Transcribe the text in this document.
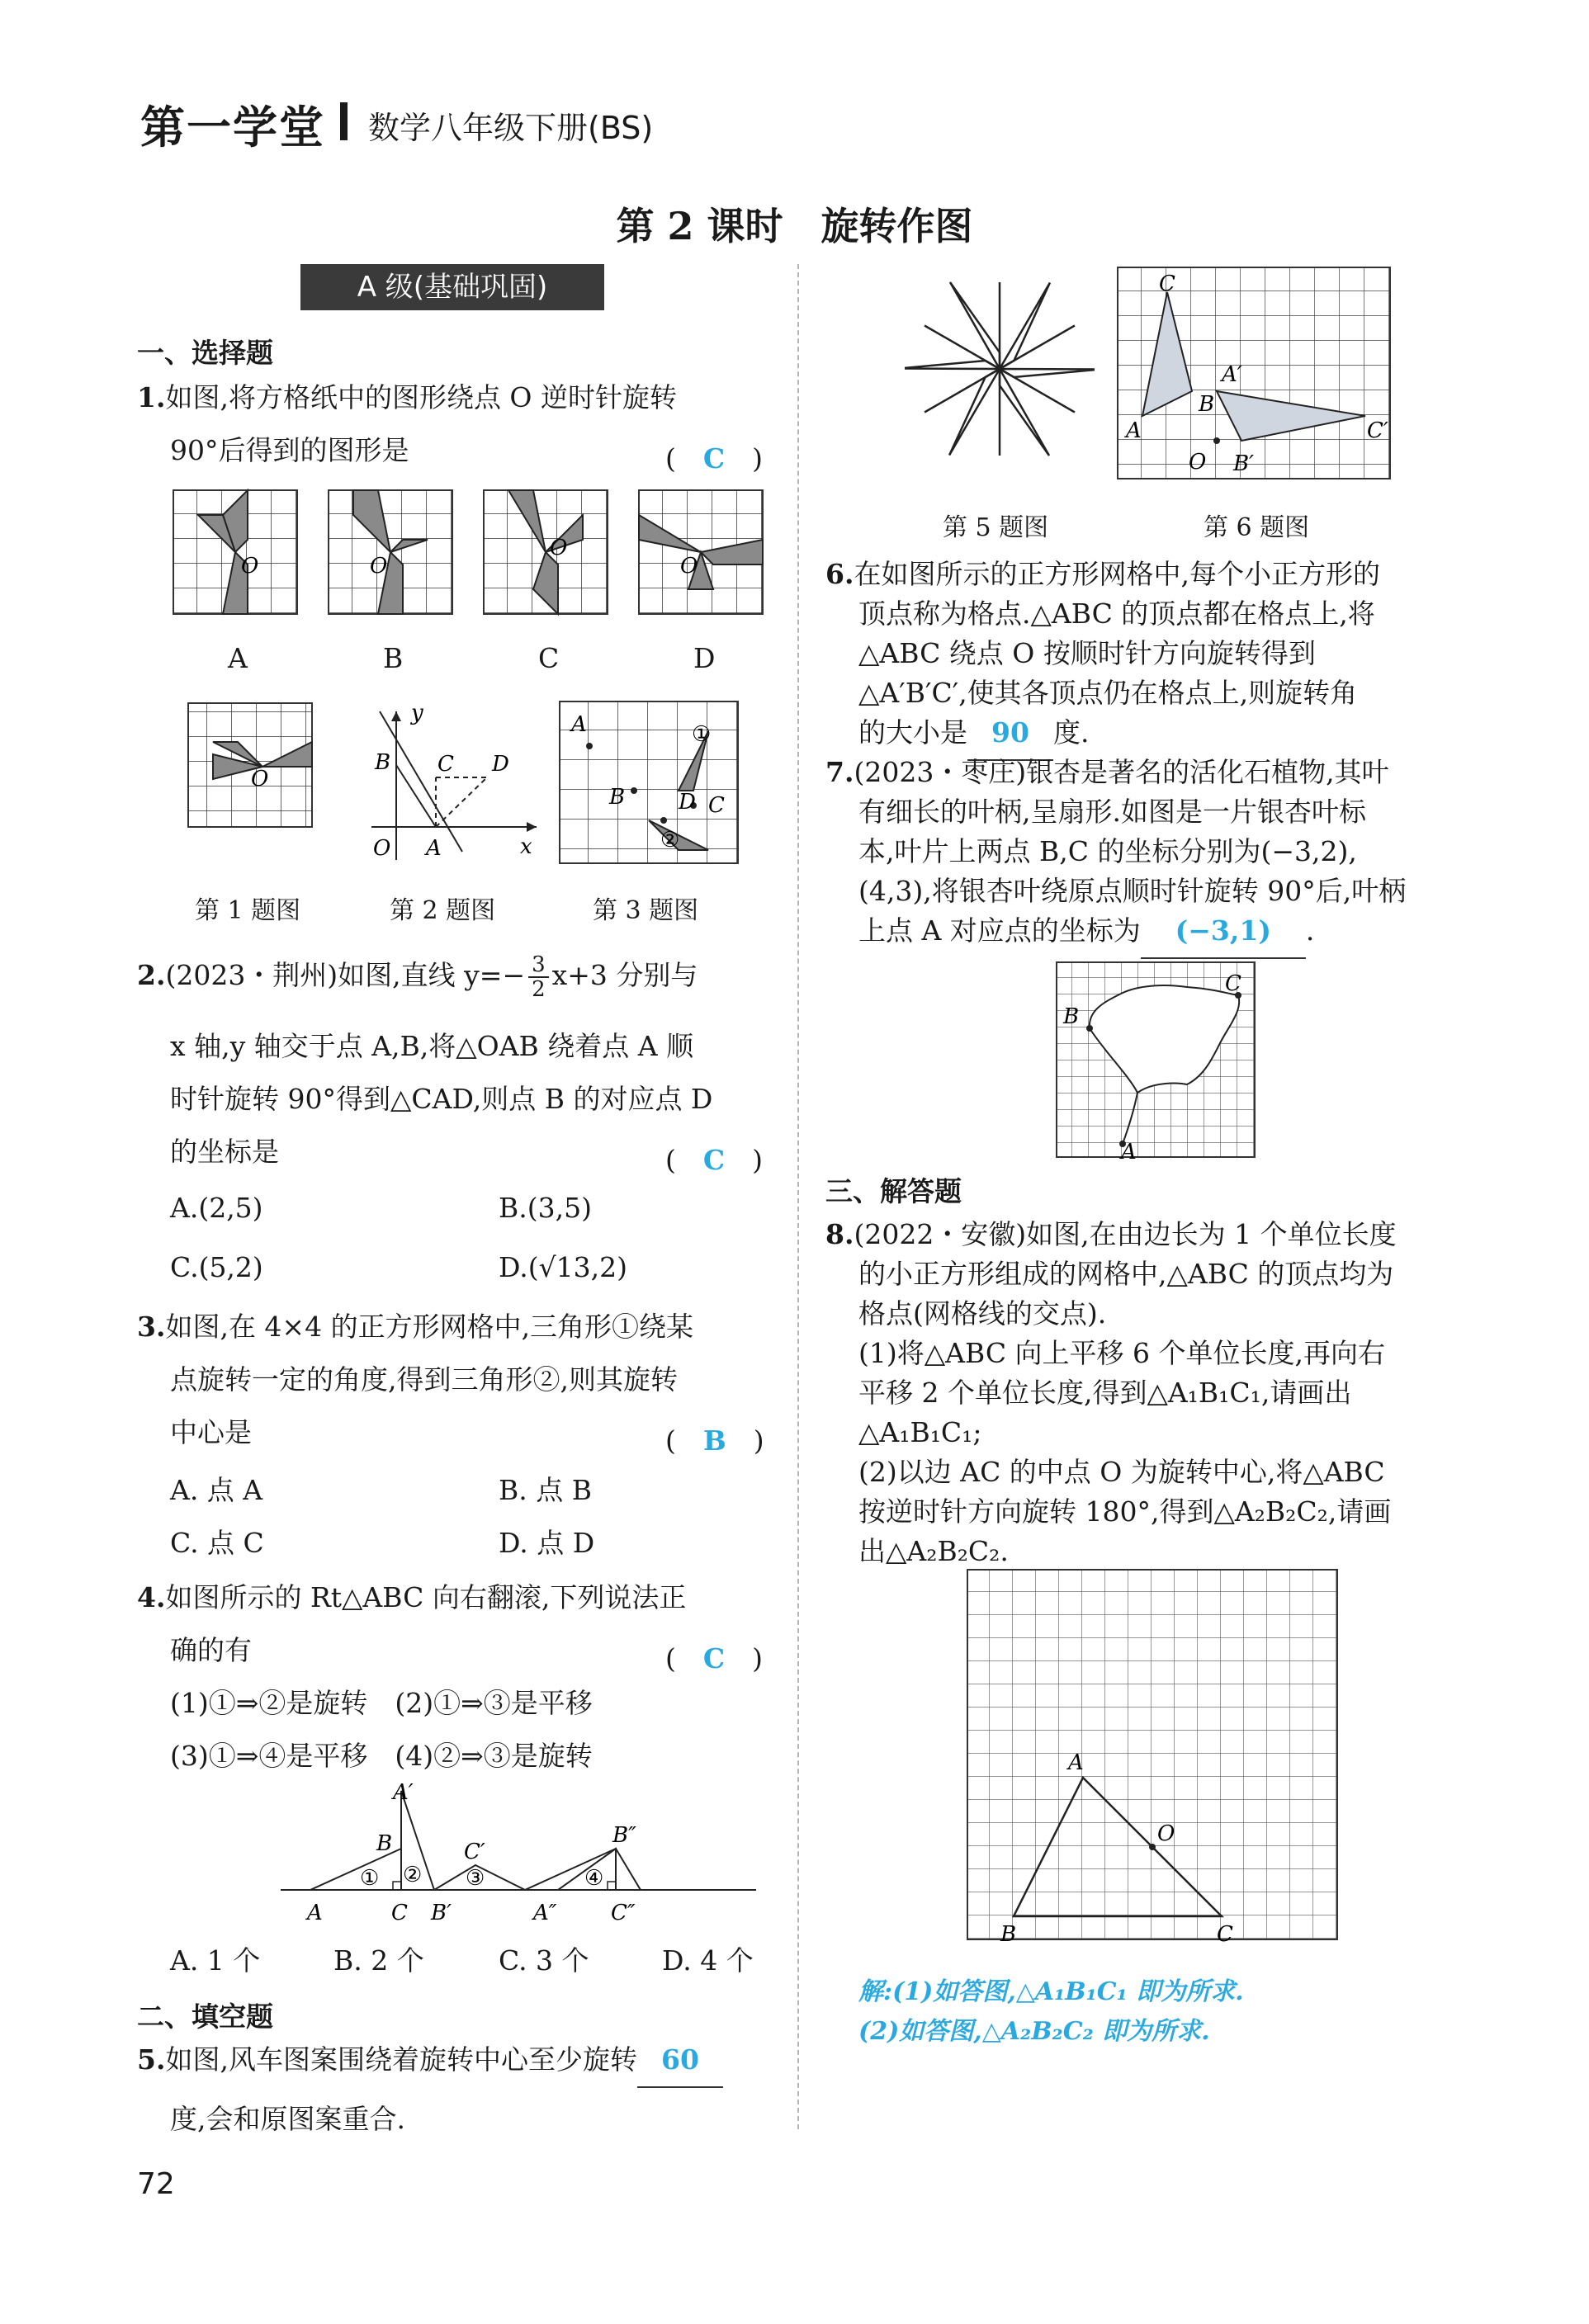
第一学堂 数学八年级下册(BS)
第 2 课时　旋转作图
A 级(基础巩固)
一、选择题
1.如图,将方格纸中的图形绕点 O 逆时针旋转
90°后得到的图形是	(　C　)
O	O
O
O
A	B	C	D
O
y
x
B C D
O A
A
B	C
D
①
②
第 1 题图	第 2 题图	第 3 题图
2.(2023・荆州)如图,直线 $y=- \frac{3}{2} x+3$ 分别与
x 轴,y 轴交于点 A,B,将△OAB 绕着点 A 顺
时针旋转 90°得到△CAD,则点 B 的对应点 D
的坐标是	(　C　)
A.(2,5)	B.(3,5)
C.(5,2)	D.(√13,2)
3.如图,在 4×4 的正方形网格中,三角形①绕某
点旋转一定的角度,得到三角形②,则其旋转
中心是	(　B　)
A. 点 A	B. 点 B
C. 点 C	D. 点 D
4.如图所示的 Rt△ABC 向右翻滚,下列说法正
确的有	(　C　)
(1)①⇒②是旋转　(2)①⇒③是平移
(3)①⇒④是平移　(4)②⇒③是旋转
A
B
C
A′
B′
C′
A″
B″
C″
① ② ③	④
A. 1 个	B. 2 个	C. 3 个	D. 4 个
二、填空题
5.如图,风车图案围绕着旋转中心至少旋转 60
度,会和原图案重合.
72
C
A′
B
A	C′
O B′
第 5 题图	第 6 题图
6.在如图所示的正方形网格中,每个小正方形的
顶点称为格点.△ABC 的顶点都在格点上,将
△ABC 绕点 O 按顺时针方向旋转得到
△A′B′C′,使其各顶点仍在格点上,则旋转角
的大小是 90 度.
7.(2023・枣庄)银杏是著名的活化石植物,其叶
有细长的叶柄,呈扇形.如图是一片银杏叶标
本,叶片上两点 B,C 的坐标分别为(−3,2),
(4,3),将银杏叶绕原点顺时针旋转 90°后,叶柄
上点 A 对应点的坐标为 (−3,1) .
B
C
A
三、解答题
8.(2022・安徽)如图,在由边长为 1 个单位长度
的小正方形组成的网格中,△ABC 的顶点均为
格点(网格线的交点).
(1)将△ABC 向上平移 6 个单位长度,再向右
平移 2 个单位长度,得到△A₁B₁C₁,请画出
△A₁B₁C₁;
(2)以边 AC 的中点 O 为旋转中心,将△ABC
按逆时针方向旋转 180°,得到△A₂B₂C₂,请画
出△A₂B₂C₂.
A
B	C
O
解:(1)如答图,△A₁B₁C₁ 即为所求.
(2)如答图,△A₂B₂C₂ 即为所求.
